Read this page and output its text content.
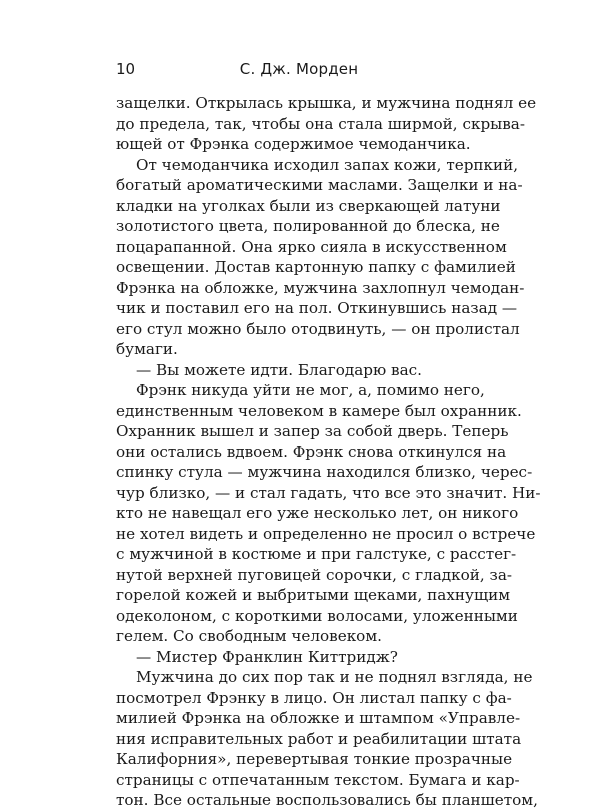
10	С. Дж. Морден
защелки. Открылась крышка, и мужчина поднял ее
до предела, так, чтобы она стала ширмой, скрыва-
ющей от Фрэнка содержимое чемоданчика.
От чемоданчика исходил запах кожи, терпкий,
богатый ароматическими маслами. Защелки и на-
кладки на уголках были из сверкающей латуни
золотистого цвета, полированной до блеска, не
поцарапанной. Она ярко сияла в искусственном
освещении. Достав картонную папку с фамилией
Фрэнка на обложке, мужчина захлопнул чемодан-
чик и поставил его на пол. Откинувшись назад —
его стул можно было отодвинуть, — он пролистал
бумаги.
— Вы можете идти. Благодарю вас.
Фрэнк никуда уйти не мог, а, помимо него,
единственным человеком в камере был охранник.
Охранник вышел и запер за собой дверь. Теперь
они остались вдвоем. Фрэнк снова откинулся на
спинку стула — мужчина находился близко, черес-
чур близко, — и стал гадать, что все это значит. Ни-
кто не навещал его уже несколько лет, он никого
не хотел видеть и определенно не просил о встрече
с мужчиной в костюме и при галстуке, с расстег-
нутой верхней пуговицей сорочки, с гладкой, за-
горелой кожей и выбритыми щеками, пахнущим
одеколоном, с короткими волосами, уложенными
гелем. Со свободным человеком.
— Мистер Франклин Киттридж?
Мужчина до сих пор так и не поднял взгляда, не
посмотрел Фрэнку в лицо. Он листал папку с фа-
милией Фрэнка на обложке и штампом «Управле-
ния исправительных работ и реабилитации штата
Калифорния», перевертывая тонкие прозрачные
страницы с отпечатанным текстом. Бумага и кар-
тон. Все остальные воспользовались бы планшетом,
